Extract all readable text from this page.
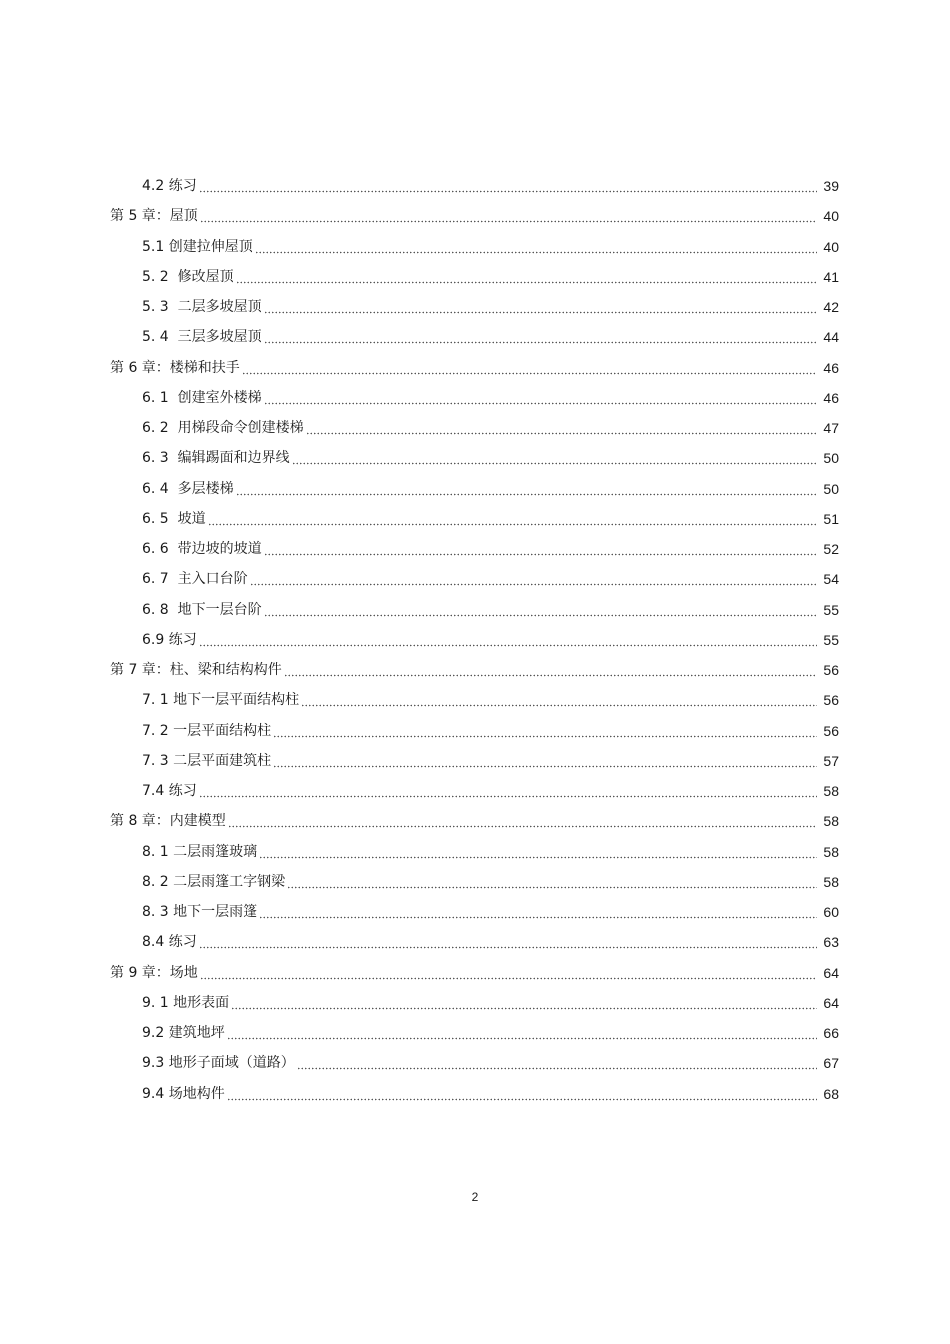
4.2 练习	39
第 5 章：屋顶	40
5.1 创建拉伸屋顶	40
5. 2  修改屋顶	41
5. 3  二层多坡屋顶	42
5. 4  三层多坡屋顶	44
第 6 章：楼梯和扶手	46
6. 1  创建室外楼梯	46
6. 2  用梯段命令创建楼梯	47
6. 3  编辑踢面和边界线	50
6. 4  多层楼梯	50
6. 5  坡道	51
6. 6  带边坡的坡道	52
6. 7  主入口台阶	54
6. 8  地下一层台阶	55
6.9 练习	55
第 7 章：柱、梁和结构构件	56
7. 1 地下一层平面结构柱	56
7. 2 一层平面结构柱	56
7. 3 二层平面建筑柱	57
7.4 练习	58
第 8 章：内建模型	58
8. 1 二层雨篷玻璃	58
8. 2 二层雨篷工字钢梁	58
8. 3 地下一层雨篷	60
8.4 练习	63
第 9 章：场地	64
9. 1 地形表面	64
9.2 建筑地坪	66
9.3 地形子面域（道路）	67
9.4 场地构件	68
2
